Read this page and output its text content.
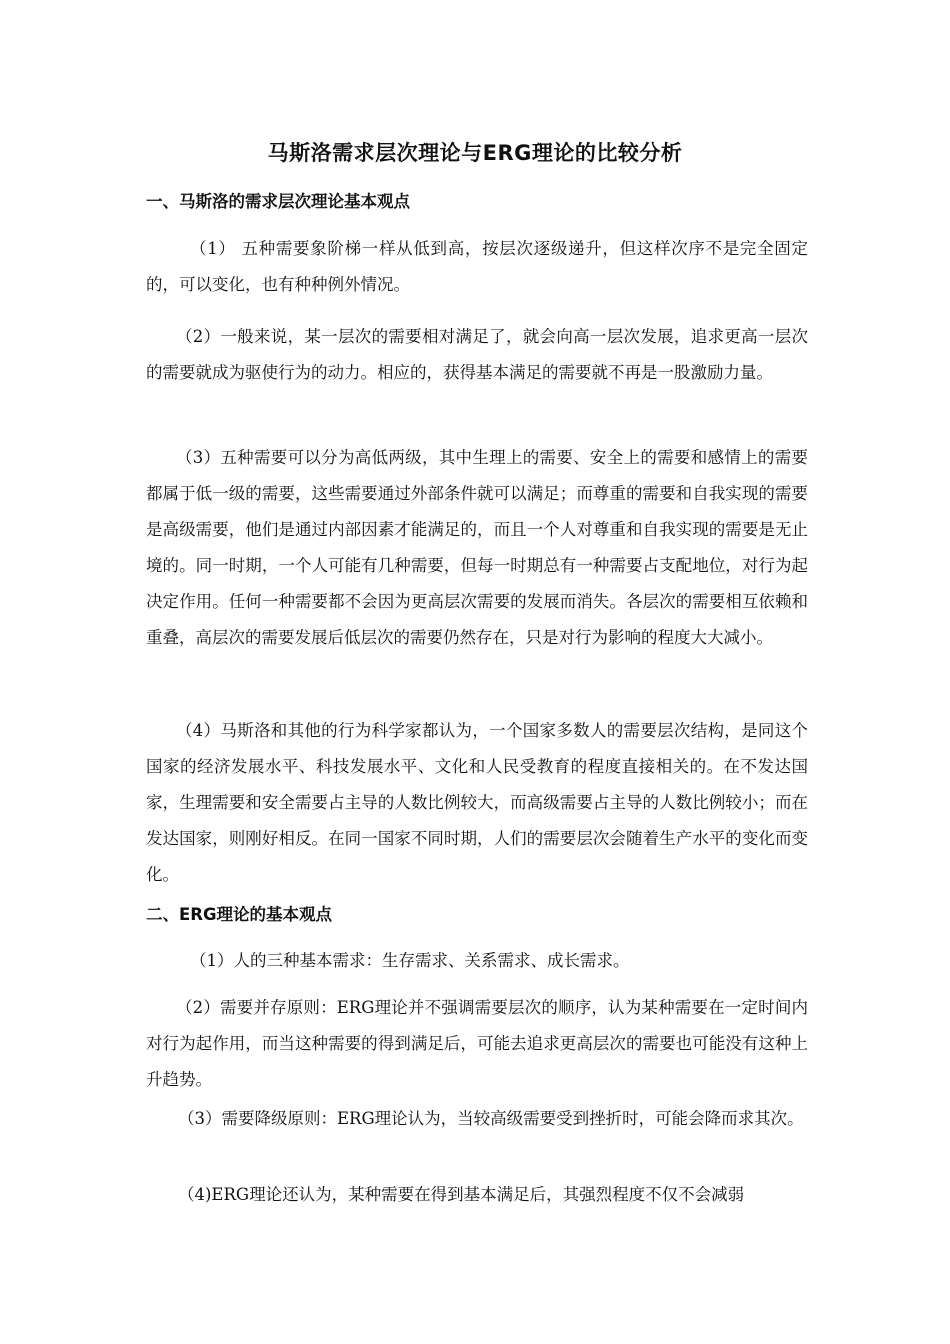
马斯洛需求层次理论与ERG理论的比较分析
一、马斯洛的需求层次理论基本观点

（1） 五种需要象阶梯一样从低到高，按层次逐级递升，但这样次序不是完全固定的，可以变化，也有种种例外情况。

（2）一般来说，某一层次的需要相对满足了，就会向高一层次发展，追求更高一层次的需要就成为驱使行为的动力。相应的，获得基本满足的需要就不再是一股激励力量。

（3）五种需要可以分为高低两级，其中生理上的需要、安全上的需要和感情上的需要都属于低一级的需要，这些需要通过外部条件就可以满足；而尊重的需要和自我实现的需要是高级需要，他们是通过内部因素才能满足的，而且一个人对尊重和自我实现的需要是无止境的。同一时期，一个人可能有几种需要，但每一时期总有一种需要占支配地位，对行为起决定作用。任何一种需要都不会因为更高层次需要的发展而消失。各层次的需要相互依赖和重叠，高层次的需要发展后低层次的需要仍然存在，只是对行为影响的程度大大减小。

（4）马斯洛和其他的行为科学家都认为，一个国家多数人的需要层次结构，是同这个国家的经济发展水平、科技发展水平、文化和人民受教育的程度直接相关的。在不发达国家，生理需要和安全需要占主导的人数比例较大，而高级需要占主导的人数比例较小；而在发达国家，则刚好相反。在同一国家不同时期，人们的需要层次会随着生产水平的变化而变化。

二、ERG理论的基本观点

（1）人的三种基本需求：生存需求、关系需求、成长需求。

（2）需要并存原则：ERG理论并不强调需要层次的顺序，认为某种需要在一定时间内对行为起作用，而当这种需要的得到满足后，可能去追求更高层次的需要也可能没有这种上升趋势。

（3）需要降级原则：ERG理论认为，当较高级需要受到挫折时，可能会降而求其次。

（4)ERG理论还认为，某种需要在得到基本满足后，其强烈程度不仅不会减弱
